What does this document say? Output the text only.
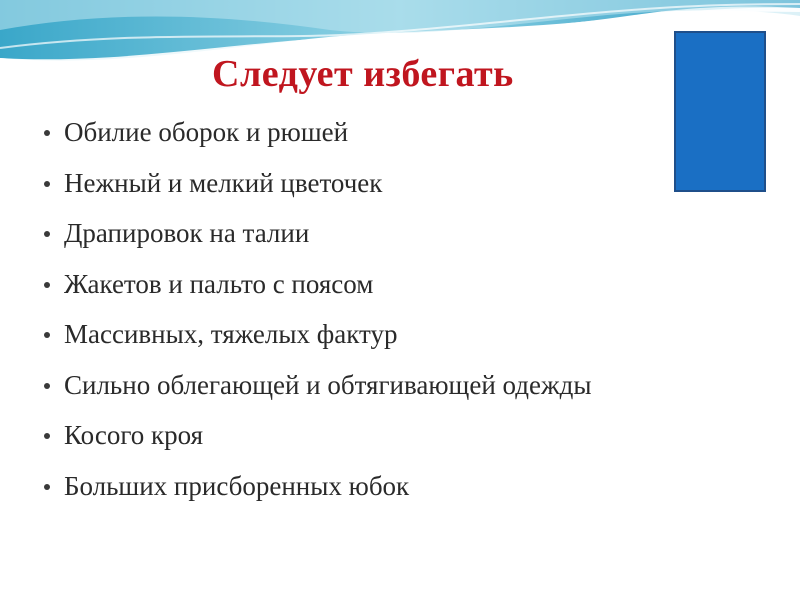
Следует избегать
Обилие оборок и рюшей
Нежный и мелкий цветочек
Драпировок на талии
Жакетов и пальто с поясом
Массивных, тяжелых фактур
Сильно облегающей и обтягивающей одежды
Косого кроя
Больших присборенных юбок
